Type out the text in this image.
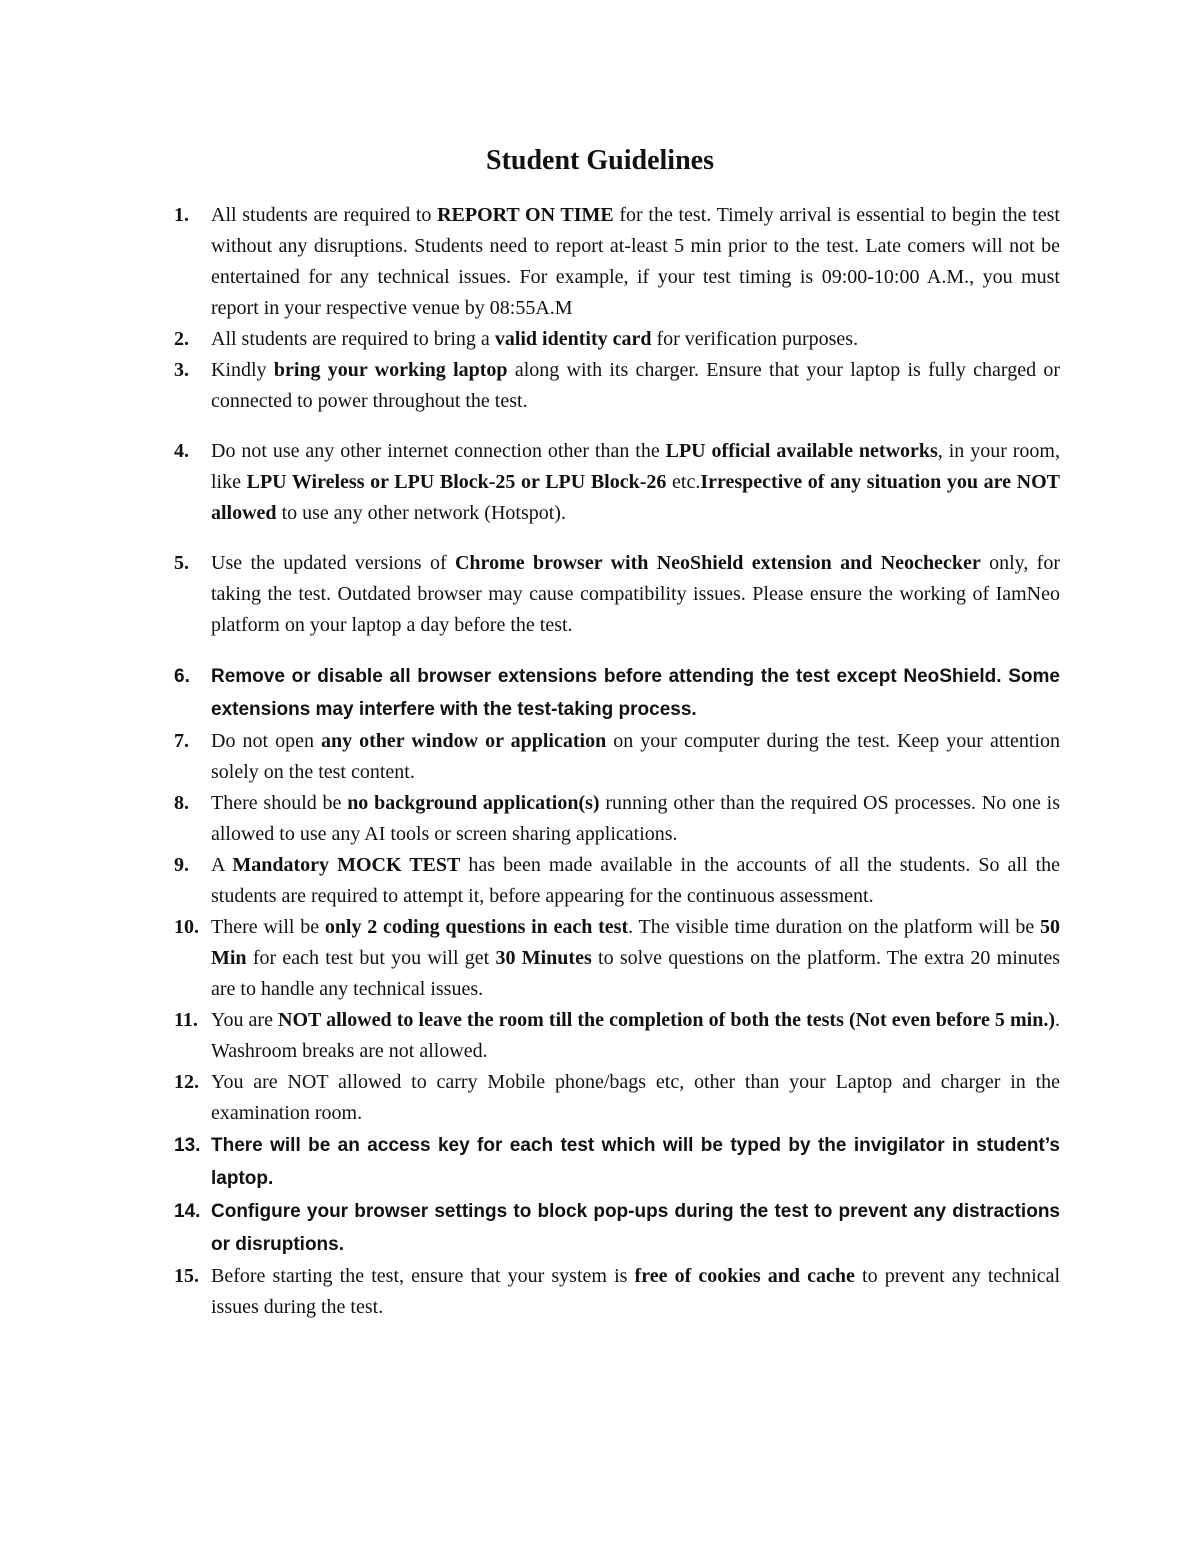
Student Guidelines
1. All students are required to REPORT ON TIME for the test. Timely arrival is essential to begin the test without any disruptions. Students need to report at-least 5 min prior to the test. Late comers will not be entertained for any technical issues. For example, if your test timing is 09:00-10:00 A.M., you must report in your respective venue by 08:55A.M
2. All students are required to bring a valid identity card for verification purposes.
3. Kindly bring your working laptop along with its charger. Ensure that your laptop is fully charged or connected to power throughout the test.
4. Do not use any other internet connection other than the LPU official available networks, in your room, like LPU Wireless or LPU Block-25 or LPU Block-26 etc.Irrespective of any situation you are NOT allowed to use any other network (Hotspot).
5. Use the updated versions of Chrome browser with NeoShield extension and Neochecker only, for taking the test. Outdated browser may cause compatibility issues. Please ensure the working of IamNeo platform on your laptop a day before the test.
6. Remove or disable all browser extensions before attending the test except NeoShield. Some extensions may interfere with the test-taking process.
7. Do not open any other window or application on your computer during the test. Keep your attention solely on the test content.
8. There should be no background application(s) running other than the required OS processes. No one is allowed to use any AI tools or screen sharing applications.
9. A Mandatory MOCK TEST has been made available in the accounts of all the students. So all the students are required to attempt it, before appearing for the continuous assessment.
10. There will be only 2 coding questions in each test. The visible time duration on the platform will be 50 Min for each test but you will get 30 Minutes to solve questions on the platform. The extra 20 minutes are to handle any technical issues.
11. You are NOT allowed to leave the room till the completion of both the tests (Not even before 5 min.). Washroom breaks are not allowed.
12. You are NOT allowed to carry Mobile phone/bags etc, other than your Laptop and charger in the examination room.
13. There will be an access key for each test which will be typed by the invigilator in student’s laptop.
14. Configure your browser settings to block pop-ups during the test to prevent any distractions or disruptions.
15. Before starting the test, ensure that your system is free of cookies and cache to prevent any technical issues during the test.
